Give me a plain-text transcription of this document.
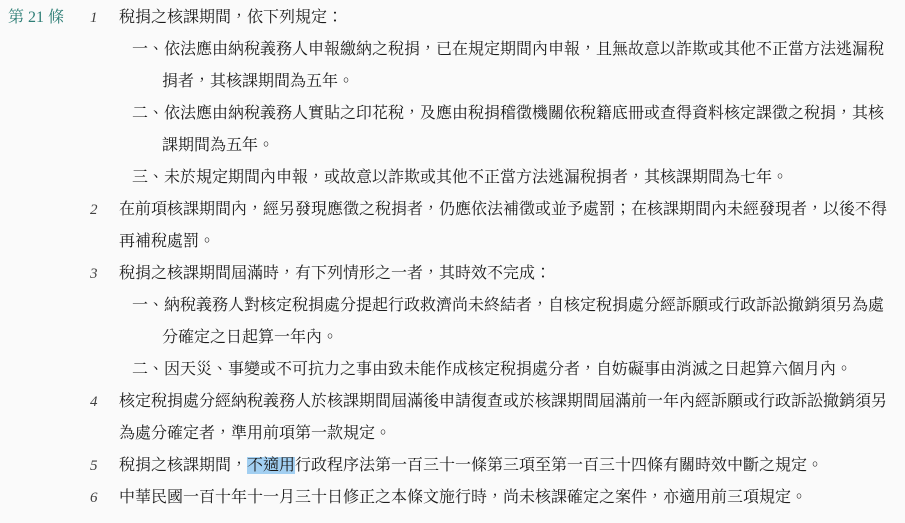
第 21 條	1 稅捐之核課期間，依下列規定：
一、依法應由納稅義務人申報繳納之稅捐，已在規定期間內申報，且無故意以詐欺或其他不正當方法逃漏稅捐者，其核課期間為五年。
二、依法應由納稅義務人實貼之印花稅，及應由稅捐稽徵機關依稅籍底冊或查得資料核定課徵之稅捐，其核課期間為五年。
三、未於規定期間內申報，或故意以詐欺或其他不正當方法逃漏稅捐者，其核課期間為七年。
2 在前項核課期間內，經另發現應徵之稅捐者，仍應依法補徵或並予處罰；在核課期間內未經發現者，以後不得再補稅處罰。
3 稅捐之核課期間屆滿時，有下列情形之一者，其時效不完成：
一、納稅義務人對核定稅捐處分提起行政救濟尚未終結者，自核定稅捐處分經訴願或行政訴訟撤銷須另為處分確定之日起算一年內。
二、因天災、事變或不可抗力之事由致未能作成核定稅捐處分者，自妨礙事由消滅之日起算六個月內。
4 核定稅捐處分經納稅義務人於核課期間屆滿後申請復查或於核課期間屆滿前一年內經訴願或行政訴訟撤銷須另為處分確定者，準用前項第一款規定。
5 稅捐之核課期間，不適用行政程序法第一百三十一條第三項至第一百三十四條有關時效中斷之規定。
6 中華民國一百十年十一月三十日修正之本條文施行時，尚未核課確定之案件，亦適用前三項規定。
